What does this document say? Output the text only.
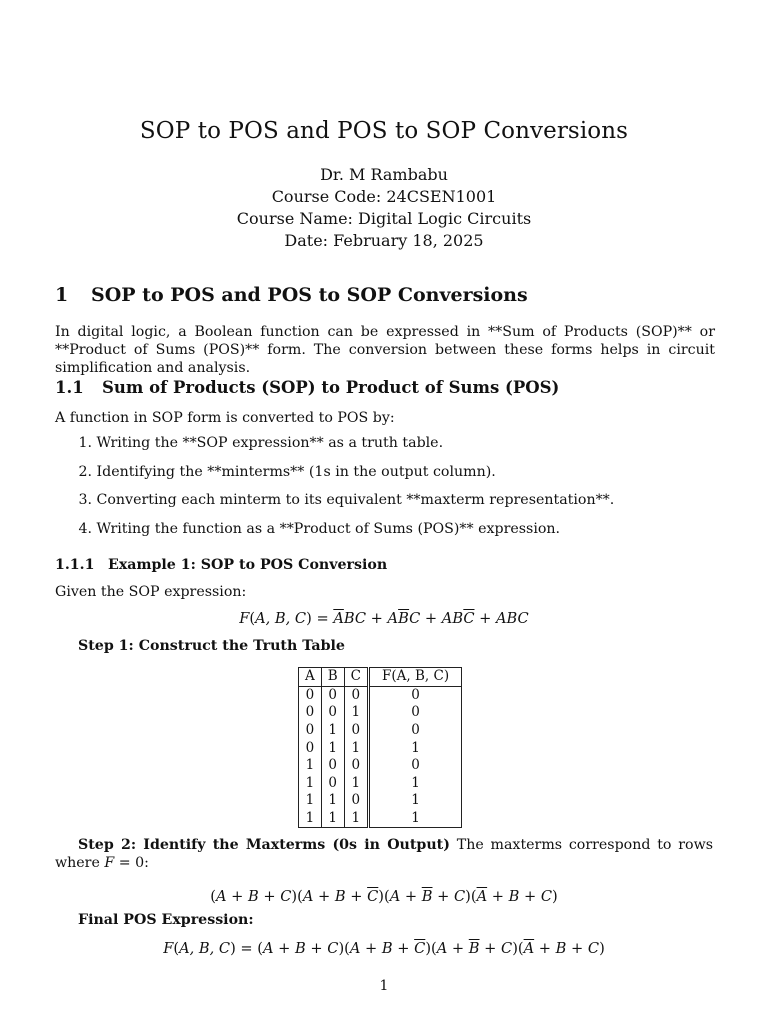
SOP to POS and POS to SOP Conversions
Dr. M Rambabu
Course Code: 24CSEN1001
Course Name: Digital Logic Circuits
Date: February 18, 2025
1 SOP to POS and POS to SOP Conversions
In digital logic, a Boolean function can be expressed in **Sum of Products (SOP)** or **Product of Sums (POS)** form. The conversion between these forms helps in circuit simplification and analysis.
1.1 Sum of Products (SOP) to Product of Sums (POS)
A function in SOP form is converted to POS by:
1. Writing the **SOP expression** as a truth table.
2. Identifying the **minterms** (1s in the output column).
3. Converting each minterm to its equivalent **maxterm representation**.
4. Writing the function as a **Product of Sums (POS)** expression.
1.1.1 Example 1: SOP to POS Conversion
Given the SOP expression:
F(A, B, $C) = \overline{A}BC + A\overline{B}C + AB\overline{C}$ + ABC
Step 1: Construct the Truth Table
A	B	C	F(A, B, C)
0	0	0	0
0	0	1	0
0	1	0	0
0	1	1	1
1	0	0	0
1	0	1	1
1	1	0	1
1	1	1	1
Step 2: Identify the Maxterms (0s in Output) The maxterms correspond to rows where F = 0:
$(A + B + C)(A + B + \overline{C})(A + \overline{B} + C)(\overline{A} + B + C)$
Final POS Expression:
F(A, B, $C) = (A + B + C)(A + B + \overline{C})(A + \overline{B} + C)(\overline{A} + B + C)$
1
